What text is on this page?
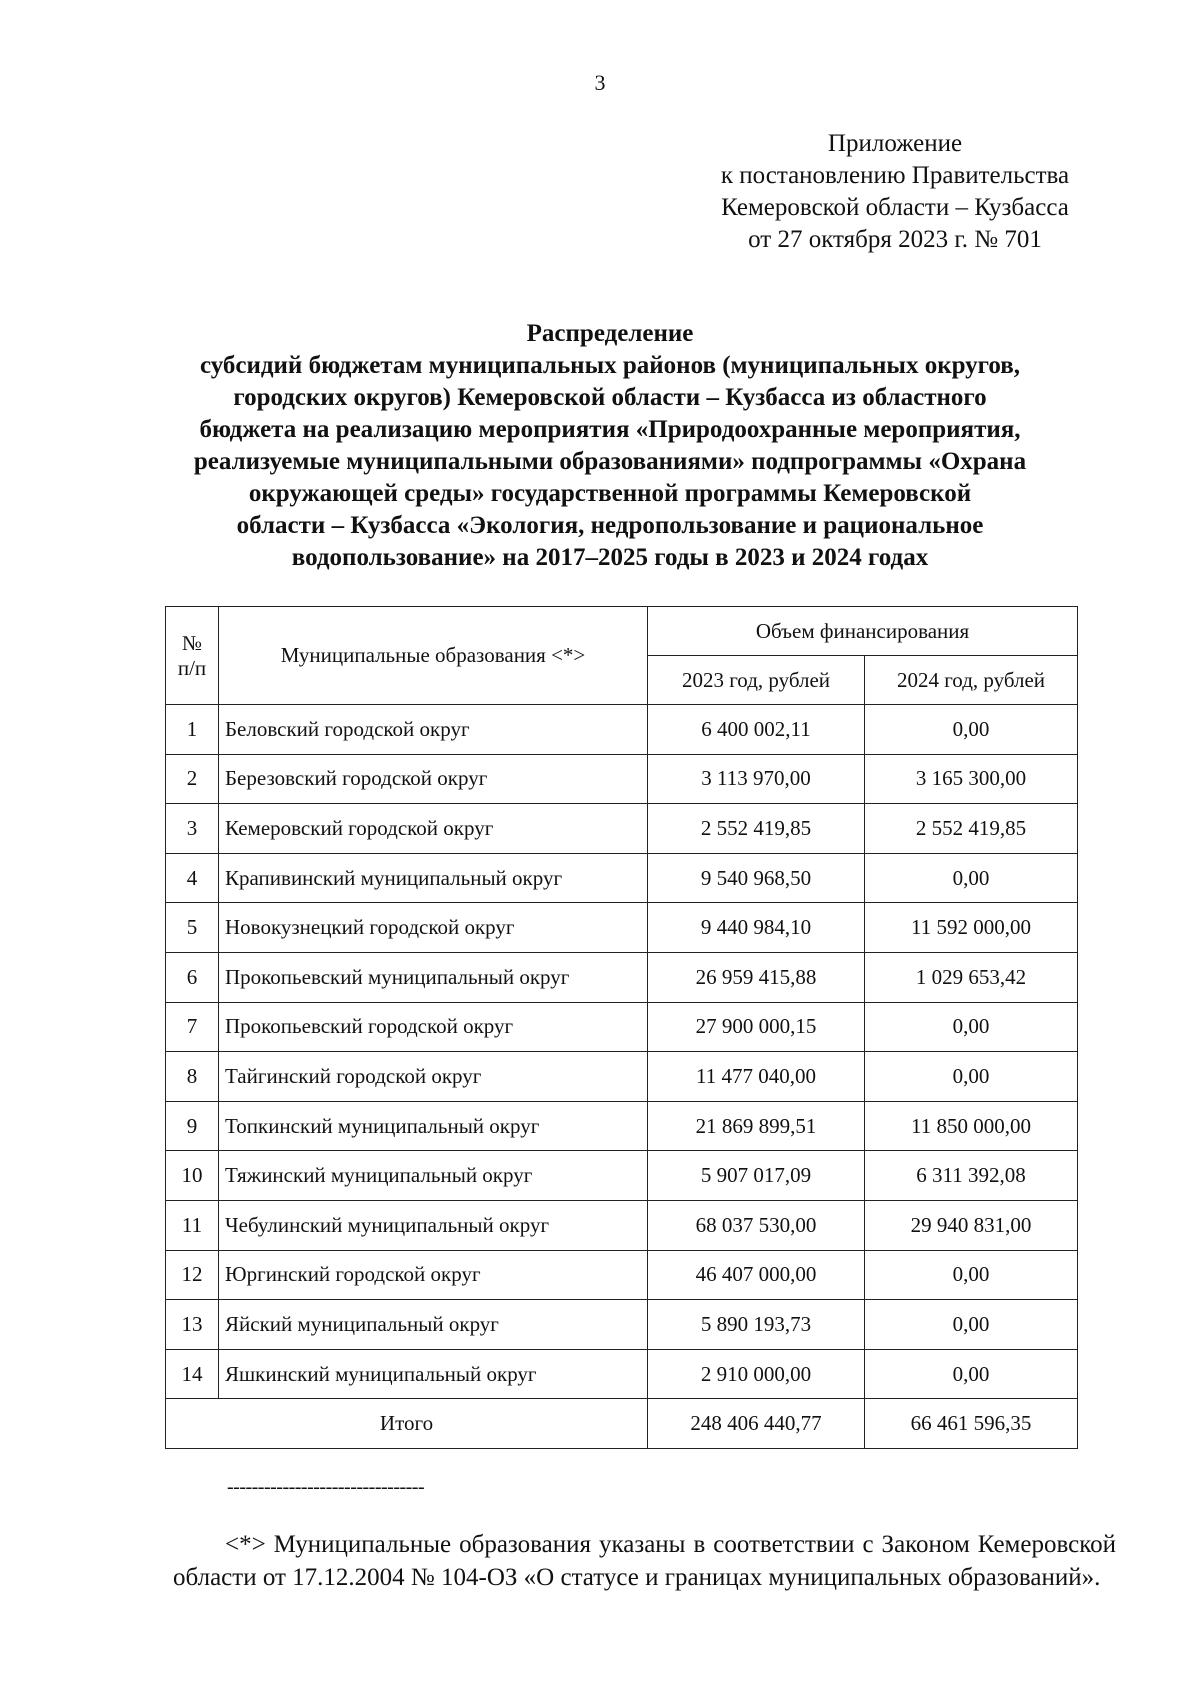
3
Приложение
к постановлению Правительства
Кемеровской области – Кузбасса
от 27 октября 2023 г. № 701
Распределение
субсидий бюджетам муниципальных районов (муниципальных округов,
городских округов) Кемеровской области – Кузбасса из областного
бюджета на реализацию мероприятия «Природоохранные мероприятия,
реализуемые муниципальными образованиями» подпрограммы «Охрана
окружающей среды» государственной программы Кемеровской
области – Кузбасса «Экология, недропользование и рациональное
водопользование» на 2017–2025 годы в 2023 и 2024 годах
№ п/п	Муниципальные образования <*>	Объем финансирования	
		2023 год, рублей	2024 год, рублей
1	Беловский городской округ	6 400 002,11	0,00
2	Березовский городской округ	3 113 970,00	3 165 300,00
3	Кемеровский городской округ	2 552 419,85	2 552 419,85
4	Крапивинский муниципальный округ	9 540 968,50	0,00
5	Новокузнецкий городской округ	9 440 984,10	11 592 000,00
6	Прокопьевский муниципальный округ	26 959 415,88	1 029 653,42
7	Прокопьевский городской округ	27 900 000,15	0,00
8	Тайгинский городской округ	11 477 040,00	0,00
9	Топкинский муниципальный округ	21 869 899,51	11 850 000,00
10	Тяжинский муниципальный округ	5 907 017,09	6 311 392,08
11	Чебулинский муниципальный округ	68 037 530,00	29 940 831,00
12	Юргинский городской округ	46 407 000,00	0,00
13	Яйский муниципальный округ	5 890 193,73	0,00
14	Яшкинский муниципальный округ	2 910 000,00	0,00
Итого		248 406 440,77	66 461 596,35
--------------------------------
<*> Муниципальные образования указаны в соответствии с Законом Кемеровской области от 17.12.2004 № 104-ОЗ «О статусе и границах муниципальных образований».
